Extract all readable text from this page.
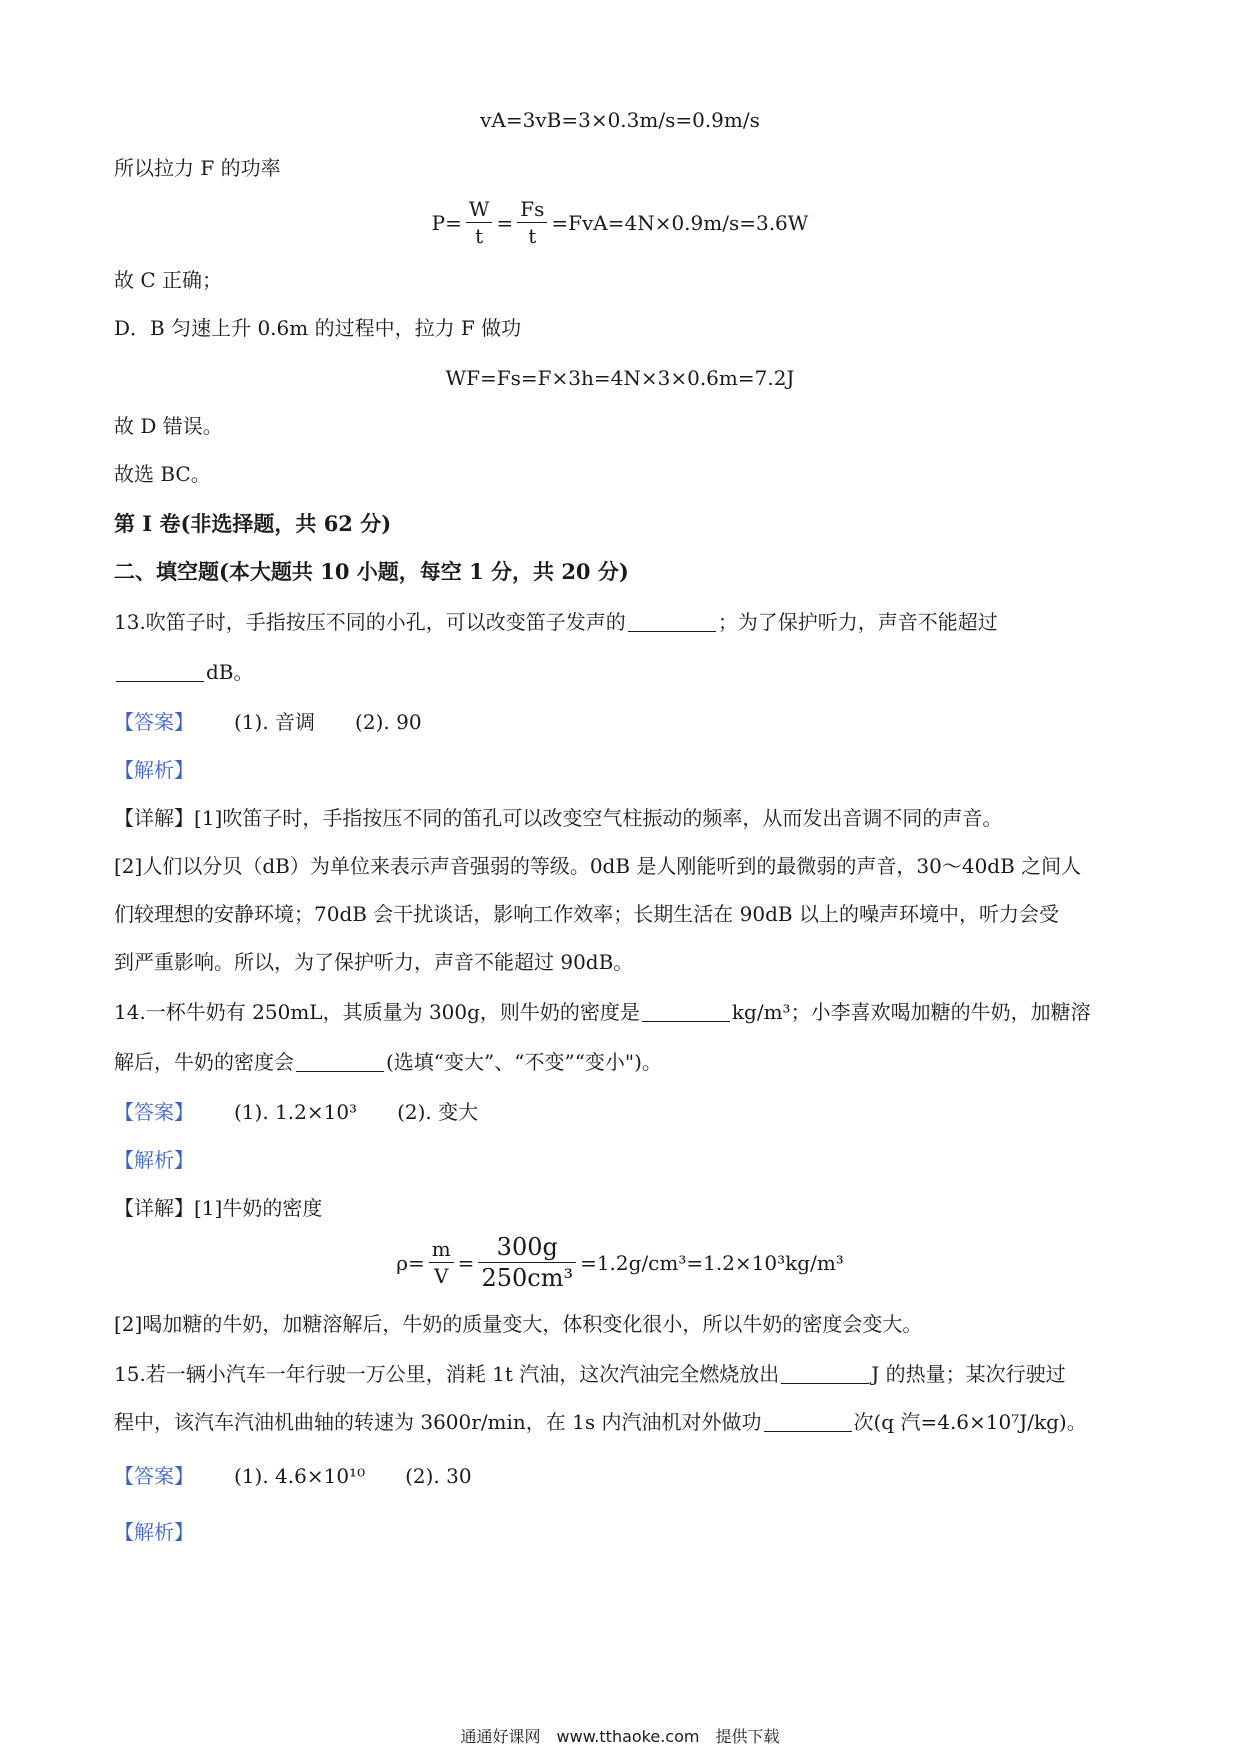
vA=3vB=3×0.3m/s=0.9m/s
所以拉力 F 的功率
$P= \frac{W}{t} = \frac{Fs}{t} =FvA=4N\times 0.9m/s=3.6W$
故 C 正确；
D．B 匀速上升 0.6m 的过程中，拉力 F 做功
WF=Fs=F×3h=4N×3×0.6m=7.2J
故 D 错误。
故选 BC。
第 I 卷(非选择题，共 62 分)
二、填空题(本大题共 10 小题，每空 1 分，共 20 分)
13.吹笛子时，手指按压不同的小孔，可以改变笛子发声的	；为了保护听力，声音不能超过
dB。
【答案】 (1). 音调 (2). 90
【解析】
【详解】[1]吹笛子时，手指按压不同的笛孔可以改变空气柱振动的频率，从而发出音调不同的声音。
[2]人们以分贝（dB）为单位来表示声音强弱的等级。0dB 是人刚能听到的最微弱的声音，30～40dB 之间人
们较理想的安静环境；70dB 会干扰谈话，影响工作效率；长期生活在 90dB 以上的噪声环境中，听力会受
到严重影响。所以，为了保护听力，声音不能超过 90dB。
14.一杯牛奶有 250mL，其质量为 300g，则牛奶的密度是	kg/m³；小李喜欢喝加糖的牛奶，加糖溶
解后，牛奶的密度会	(选填“变大”、“不变”“变小")。
【答案】 (1). 1.2×10³ (2). 变大
【解析】
【详解】[1]牛奶的密度
$\rho= \frac{m}{V} = \frac{300g}{\text{250cm³}} =1.2g/cm^3=1.2\times 10^3kg/m^3$
[2]喝加糖的牛奶，加糖溶解后，牛奶的质量变大，体积变化很小，所以牛奶的密度会变大。
15.若一辆小汽车一年行驶一万公里，消耗 1t 汽油，这次汽油完全燃烧放出	J 的热量；某次行驶过
程中，该汽车汽油机曲轴的转速为 3600r/min，在 1s 内汽油机对外做功	次(q 汽=4.6×10⁷J/kg)。
【答案】 (1). 4.6×10¹⁰ (2). 30
【解析】
通通好课网　www.tthaoke.com　提供下载
